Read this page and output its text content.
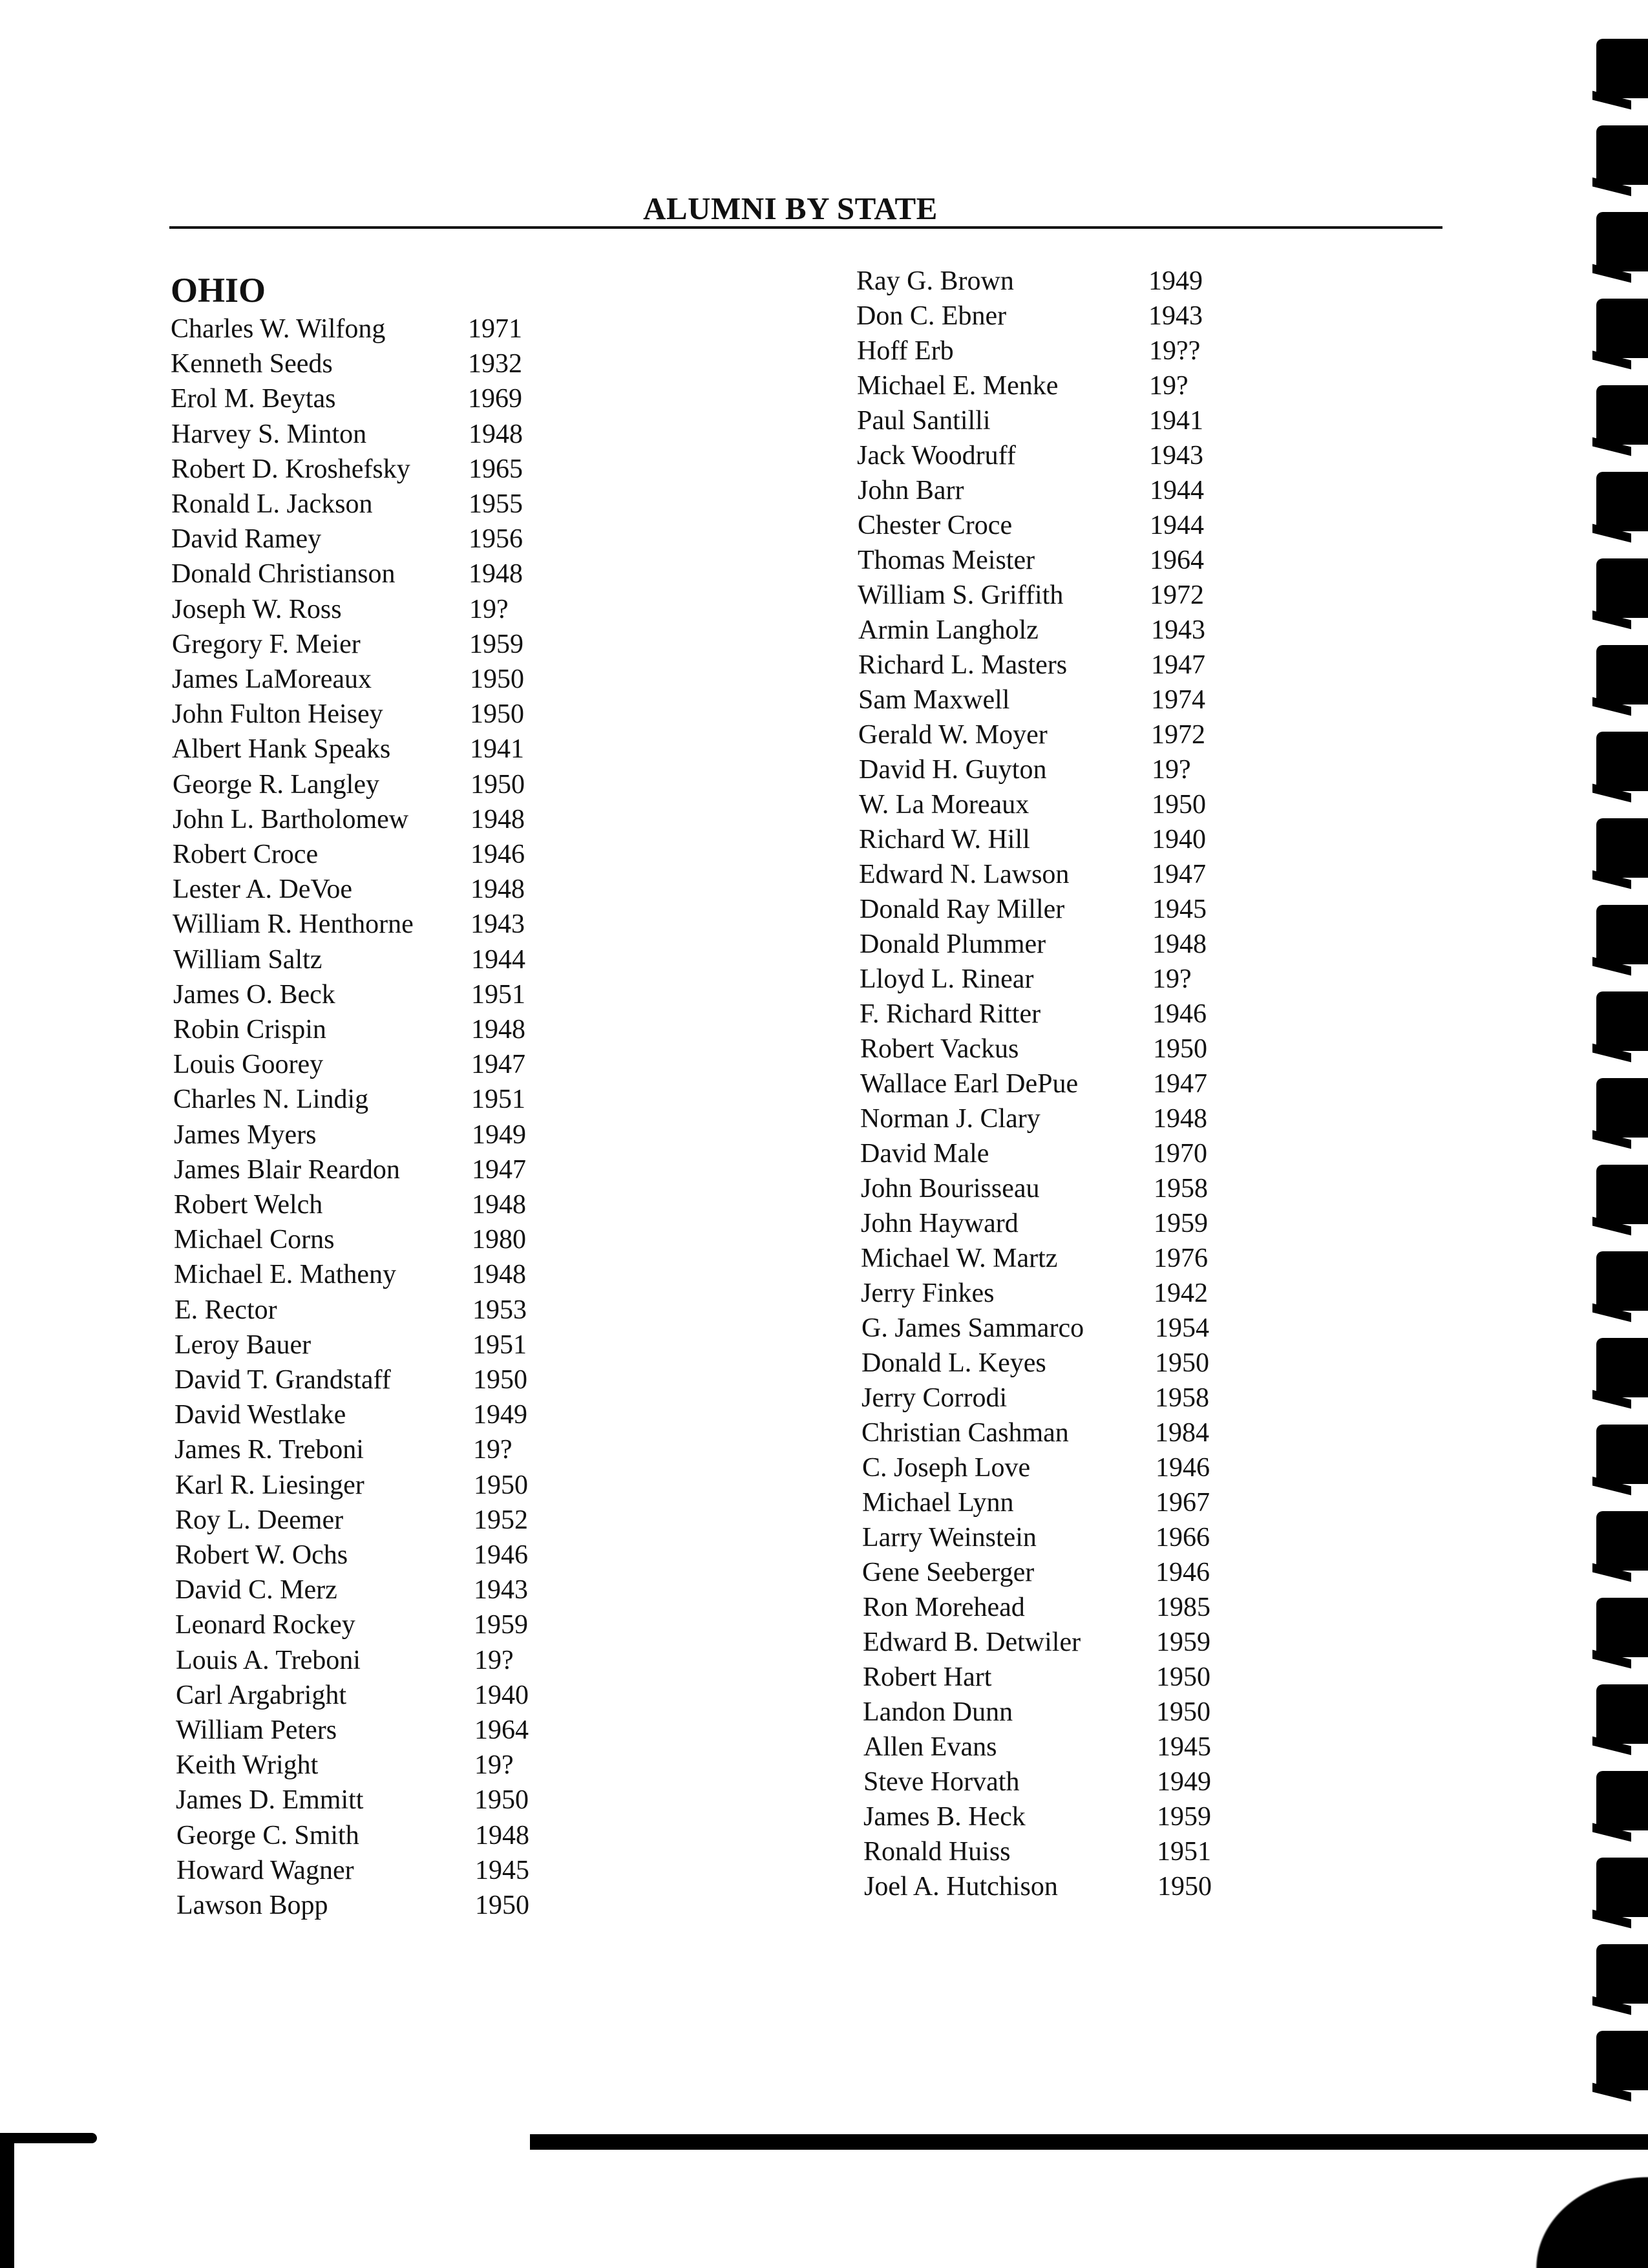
ALUMNI BY STATE
OHIO
Charles W. Wilfong	1971
Kenneth Seeds	1932
Erol M. Beytas	1969
Harvey S. Minton	1948
Robert D. Kroshefsky 1965
Ronald L. Jackson	1955
David Ramey	1956
Donald Christianson	1948
Joseph W. Ross	19?
Gregory F. Meier	1959
James LaMoreaux	1950
John Fulton Heisey	1950
Albert Hank Speaks	1941
George R. Langley	1950
John L. Bartholomew 1948
Robert Croce	1946
Lester A. DeVoe	1948
William R. Henthorne 1943
William Saltz	1944
James O. Beck	1951
Robin Crispin	1948
Louis Goorey	1947
Charles N. Lindig	1951
James Myers	1949
James Blair Reardon	1947
Robert Welch	1948
Michael Corns	1980
Michael E. Matheny	1948
E. Rector	1953
Leroy Bauer	1951
David T. Grandstaff	1950
David Westlake	1949
James R. Treboni	19?
Karl R. Liesinger	1950
Roy L. Deemer	1952
Robert W. Ochs	1946
David C. Merz	1943
Leonard Rockey	1959
Louis A. Treboni	19?
Carl Argabright	1940
William Peters	1964
Keith Wright	19?
James D. Emmitt	1950
George C. Smith	1948
Howard Wagner	1945
Lawson Bopp	1950
Ray G. Brown	1949
Don C. Ebner	1943
Hoff Erb	19??
Michael E. Menke	19?
Paul Santilli	1941
Jack Woodruff	1943
John Barr	1944
Chester Croce	1944
Thomas Meister	1964
William S. Griffith	1972
Armin Langholz	1943
Richard L. Masters	1947
Sam Maxwell	1974
Gerald W. Moyer	1972
David H. Guyton	19?
W. La Moreaux	1950
Richard W. Hill	1940
Edward N. Lawson	1947
Donald Ray Miller	1945
Donald Plummer	1948
Lloyd L. Rinear	19?
F. Richard Ritter	1946
Robert Vackus	1950
Wallace Earl DePue	1947
Norman J. Clary	1948
David Male	1970
John Bourisseau	1958
John Hayward	1959
Michael W. Martz	1976
Jerry Finkes	1942
G. James Sammarco	1954
Donald L. Keyes	1950
Jerry Corrodi	1958
Christian Cashman	1984
C. Joseph Love	1946
Michael Lynn	1967
Larry Weinstein	1966
Gene Seeberger	1946
Ron Morehead	1985
Edward B. Detwiler	1959
Robert Hart	1950
Landon Dunn	1950
Allen Evans	1945
Steve Horvath	1949
James B. Heck	1959
Ronald Huiss	1951
Joel A. Hutchison	1950
